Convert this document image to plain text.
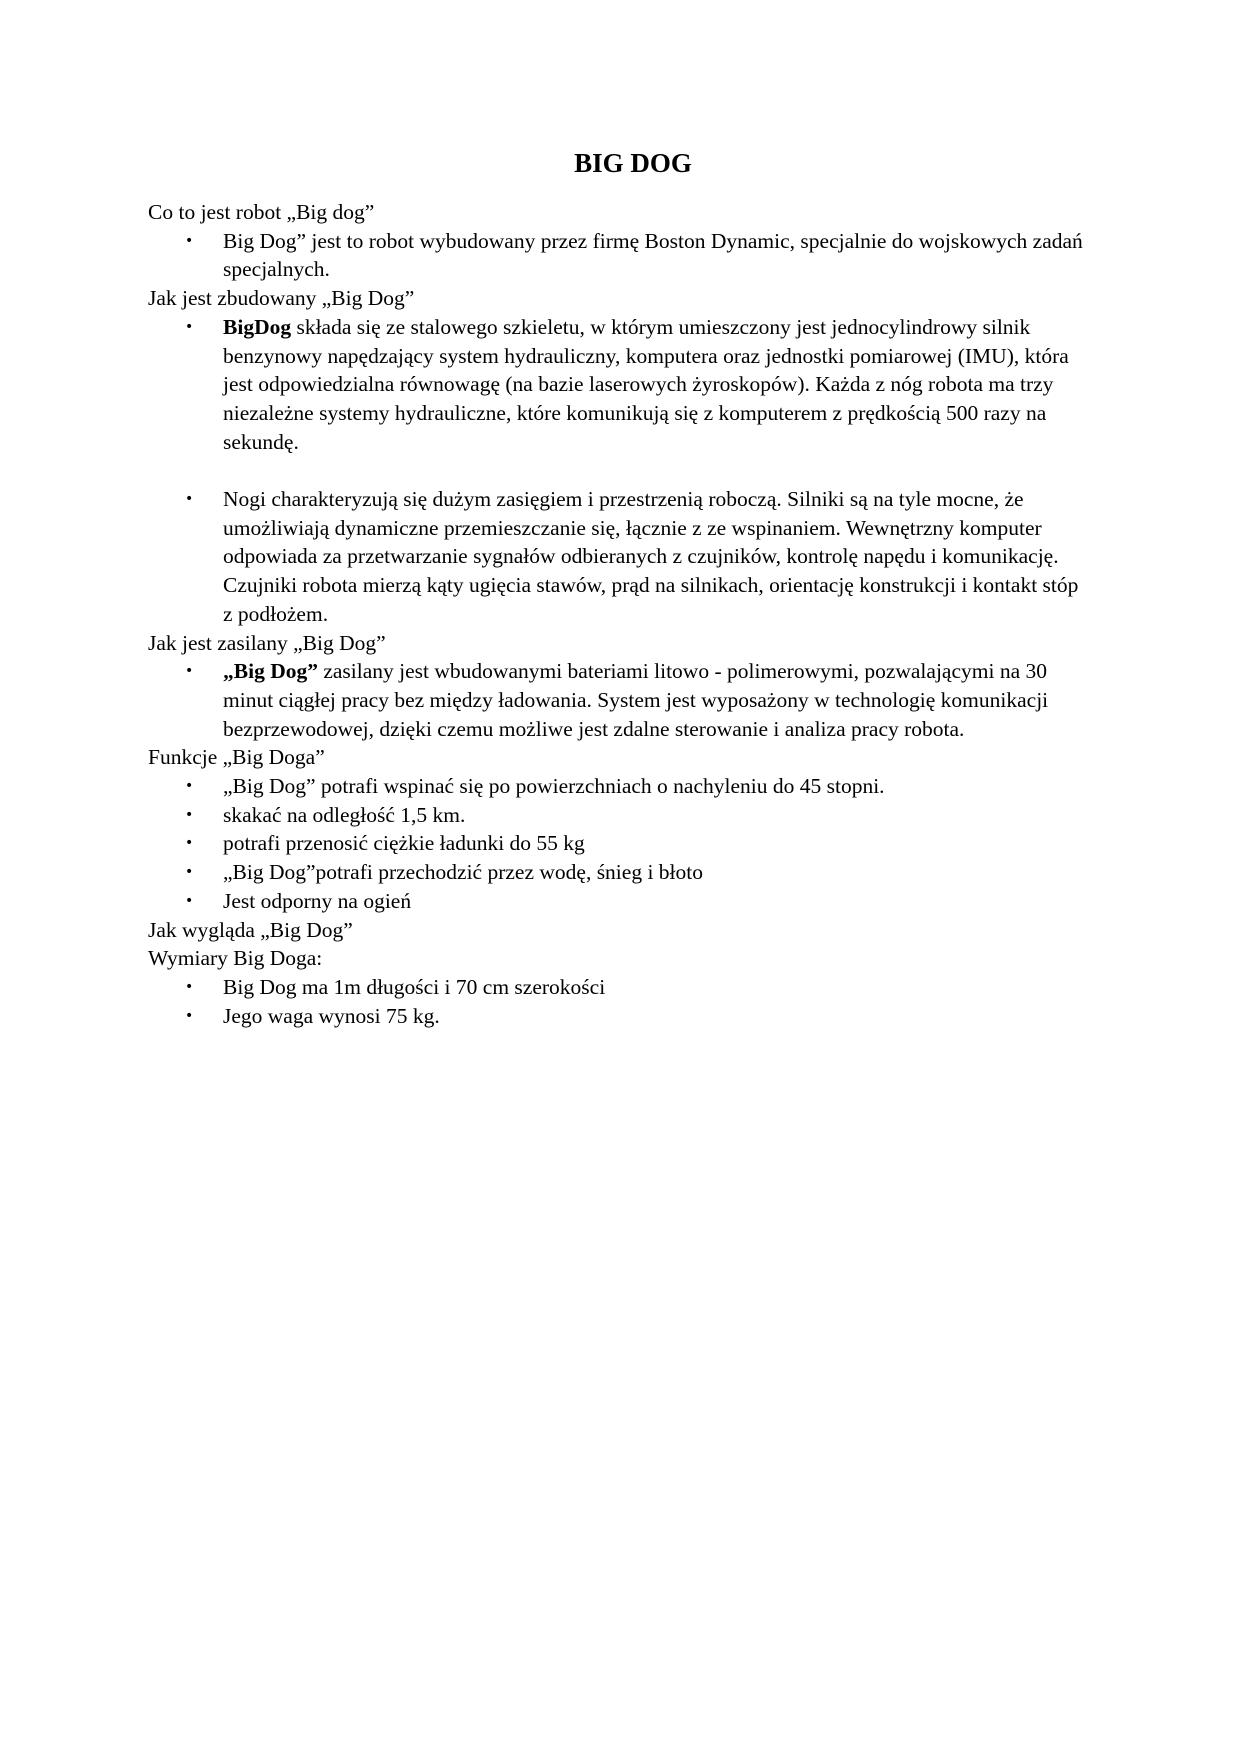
BIG DOG

Co to jest robot „Big dog”

• Big Dog” jest to robot wybudowany przez firmę Boston Dynamic, specjalnie do wojskowych zadań specjalnych.

Jak jest zbudowany „Big Dog”

• BigDog składa się ze stalowego szkieletu, w którym umieszczony jest jednocylindrowy silnik benzynowy napędzający system hydrauliczny, komputera oraz jednostki pomiarowej (IMU), która jest odpowiedzialna równowagę (na bazie laserowych żyroskopów). Każda z nóg robota ma trzy niezależne systemy hydrauliczne, które komunikują się z komputerem z prędkością 500 razy na sekundę.
• Nogi charakteryzują się dużym zasięgiem i przestrzenią roboczą. Silniki są na tyle mocne, że umożliwiają dynamiczne przemieszczanie się, łącznie z ze wspinaniem. Wewnętrzny komputer odpowiada za przetwarzanie sygnałów odbieranych z czujników, kontrolę napędu i komunikację. Czujniki robota mierzą kąty ugięcia stawów, prąd na silnikach, orientację konstrukcji i kontakt stóp z podłożem.

Jak jest zasilany „Big Dog”

• „Big Dog” zasilany jest wbudowanymi bateriami litowo - polimerowymi, pozwalającymi na 30 minut ciągłej pracy bez między ładowania. System jest wyposażony w technologię komunikacji bezprzewodowej, dzięki czemu możliwe jest zdalne sterowanie i analiza pracy robota.

Funkcje „Big Doga”

• „Big Dog” potrafi wspinać się po powierzchniach o nachyleniu do 45 stopni.
• skakać na odległość 1,5 km.
• potrafi przenosić ciężkie ładunki do 55 kg
• „Big Dog”potrafi przechodzić przez wodę, śnieg i błoto
• Jest odporny na ogień

Jak wygląda „Big Dog”

Wymiary Big Doga:

• Big Dog ma 1m długości i 70 cm szerokości
• Jego waga wynosi 75 kg.
